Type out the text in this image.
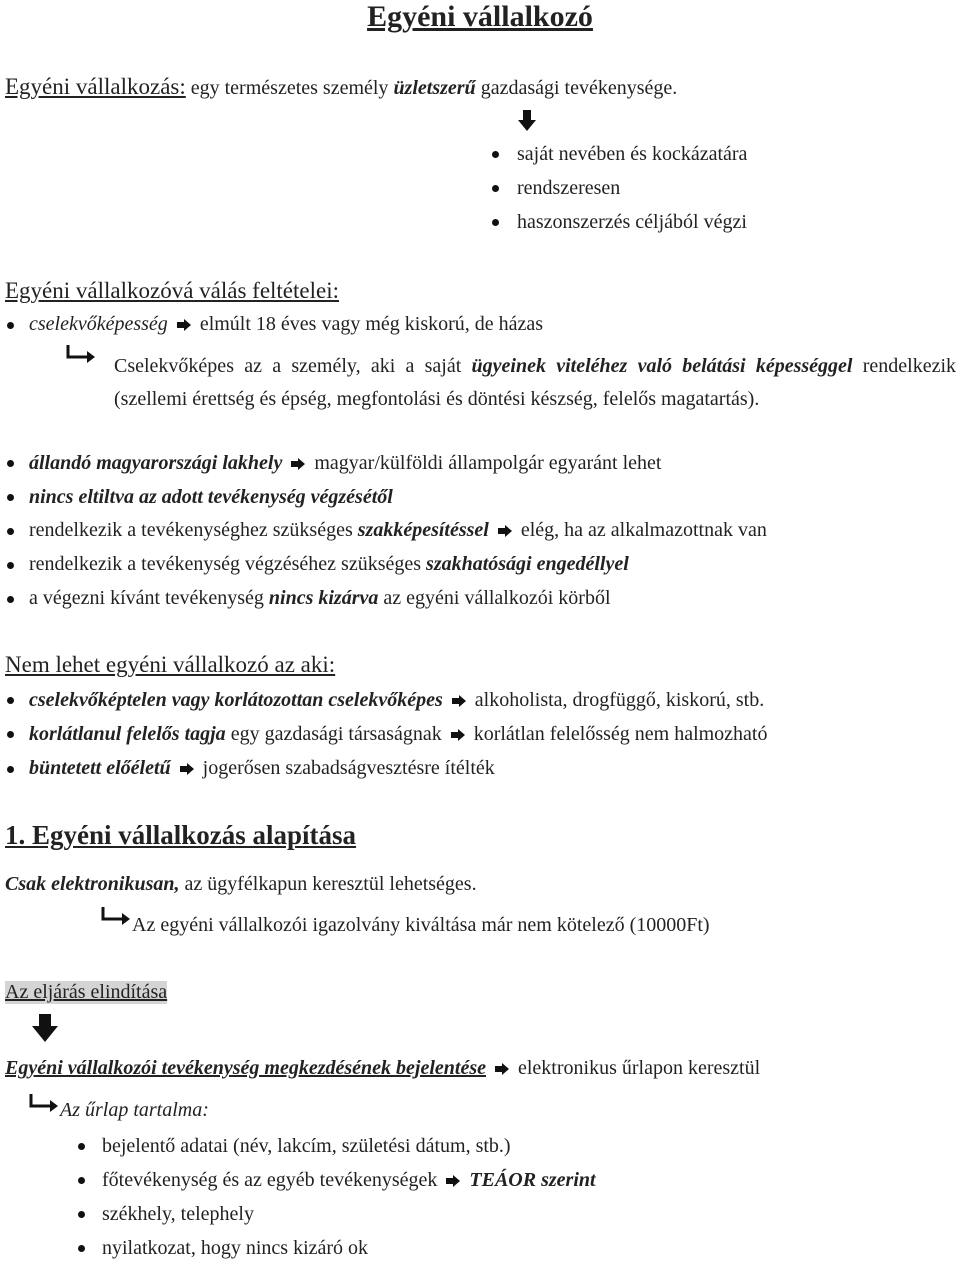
Egyéni vállalkozó
Egyéni vállalkozás: egy természetes személy üzletszerű gazdasági tevékenysége.
saját nevében és kockázatára
rendszeresen
haszonszerzés céljából végzi
Egyéni vállalkozóvá válás feltételei:
cselekvőképesség elmúlt 18 éves vagy még kiskorú, de házas
Cselekvőképes az a személy, aki a saját ügyeinek viteléhez való belátási képességgel rendelkezik (szellemi érettség és épség, megfontolási és döntési készség, felelős magatartás).
állandó magyarországi lakhely magyar/külföldi állampolgár egyaránt lehet
nincs eltiltva az adott tevékenység végzésétől
rendelkezik a tevékenységhez szükséges szakképesítéssel elég, ha az alkalmazottnak van
rendelkezik a tevékenység végzéséhez szükséges szakhatósági engedéllyel
a végezni kívánt tevékenység nincs kizárva az egyéni vállalkozói körből
Nem lehet egyéni vállalkozó az aki:
cselekvőképtelen vagy korlátozottan cselekvőképes alkoholista, drogfüggő, kiskorú, stb.
korlátlanul felelős tagja egy gazdasági társaságnak korlátlan felelősség nem halmozható
büntetett előéletű jogerősen szabadságvesztésre ítélték
1. Egyéni vállalkozás alapítása
Csak elektronikusan, az ügyfélkapun keresztül lehetséges.
Az egyéni vállalkozói igazolvány kiváltása már nem kötelező (10000Ft)
Az eljárás elindítása
Egyéni vállalkozói tevékenység megkezdésének bejelentése elektronikus űrlapon keresztül
Az űrlap tartalma:
bejelentő adatai (név, lakcím, születési dátum, stb.)
főtevékenység és az egyéb tevékenységek TEÁOR szerint
székhely, telephely
nyilatkozat, hogy nincs kizáró ok
